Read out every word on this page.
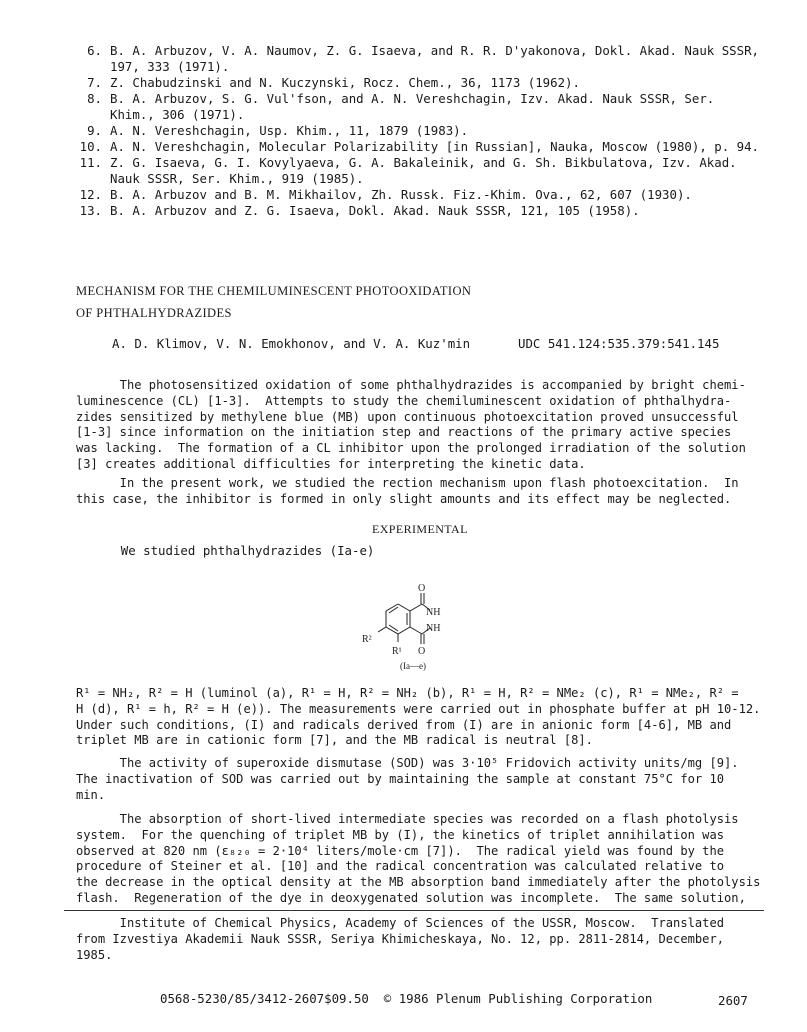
6. B. A. Arbuzov, V. A. Naumov, Z. G. Isaeva, and R. R. D'yakonova, Dokl. Akad. Nauk SSSR,
197, 333 (1971).
7. Z. Chabudzinski and N. Kuczynski, Rocz. Chem., 36, 1173 (1962).
8. B. A. Arbuzov, S. G. Vul'fson, and A. N. Vereshchagin, Izv. Akad. Nauk SSSR, Ser.
Khim., 306 (1971).
9. A. N. Vereshchagin, Usp. Khim., 11, 1879 (1983).
10. A. N. Vereshchagin, Molecular Polarizability [in Russian], Nauka, Moscow (1980), p. 94.
11. Z. G. Isaeva, G. I. Kovylyaeva, G. A. Bakaleinik, and G. Sh. Bikbulatova, Izv. Akad.
Nauk SSSR, Ser. Khim., 919 (1985).
12. B. A. Arbuzov and B. M. Mikhailov, Zh. Russk. Fiz.-Khim. Ova., 62, 607 (1930).
13. B. A. Arbuzov and Z. G. Isaeva, Dokl. Akad. Nauk SSSR, 121, 105 (1958).
MECHANISM FOR THE CHEMILUMINESCENT PHOTOOXIDATION
OF PHTHALHYDRAZIDES
A. D. Klimov, V. N. Emokhonov, and V. A. Kuz'min	UDC 541.124:535.379:541.145
The photosensitized oxidation of some phthalhydrazides is accompanied by bright chemi-
luminescence (CL) [1-3].  Attempts to study the chemiluminescent oxidation of phthalhydra-
zides sensitized by methylene blue (MB) upon continuous photoexcitation proved unsuccessful
[1-3] since information on the initiation step and reactions of the primary active species
was lacking.  The formation of a CL inhibitor upon the prolonged irradiation of the solution
[3] creates additional difficulties for interpreting the kinetic data.
In the present work, we studied the rection mechanism upon flash photoexcitation.  In
this case, the inhibitor is formed in only slight amounts and its effect may be neglected.
EXPERIMENTAL
We studied phthalhydrazides (Ia-e)
O
NH
NH
R²
R¹ O
(Ia—e)
R¹ = NH₂, R² = H (luminol (a), R¹ = H, R² = NH₂ (b), R¹ = H, R² = NMe₂ (c), R¹ = NMe₂, R² =
H (d), R¹ = h, R² = H (e)). The measurements were carried out in phosphate buffer at pH 10-12.
Under such conditions, (I) and radicals derived from (I) are in anionic form [4-6], MB and
triplet MB are in cationic form [7], and the MB radical is neutral [8].
The activity of superoxide dismutase (SOD) was 3·10⁵ Fridovich activity units/mg [9].
The inactivation of SOD was carried out by maintaining the sample at constant 75°C for 10
min.
The absorption of short-lived intermediate species was recorded on a flash photolysis
system.  For the quenching of triplet MB by (I), the kinetics of triplet annihilation was
observed at 820 nm (ε₈₂₀ = 2·10⁴ liters/mole·cm [7]).  The radical yield was found by the
procedure of Steiner et al. [10] and the radical concentration was calculated relative to
the decrease in the optical density at the MB absorption band immediately after the photolysis
flash.  Regeneration of the dye in deoxygenated solution was incomplete.  The same solution,
Institute of Chemical Physics, Academy of Sciences of the USSR, Moscow.  Translated
from Izvestiya Akademii Nauk SSSR, Seriya Khimicheskaya, No. 12, pp. 2811-2814, December,
1985.
0568-5230/85/3412-2607$09.50  © 1986 Plenum Publishing Corporation	2607
